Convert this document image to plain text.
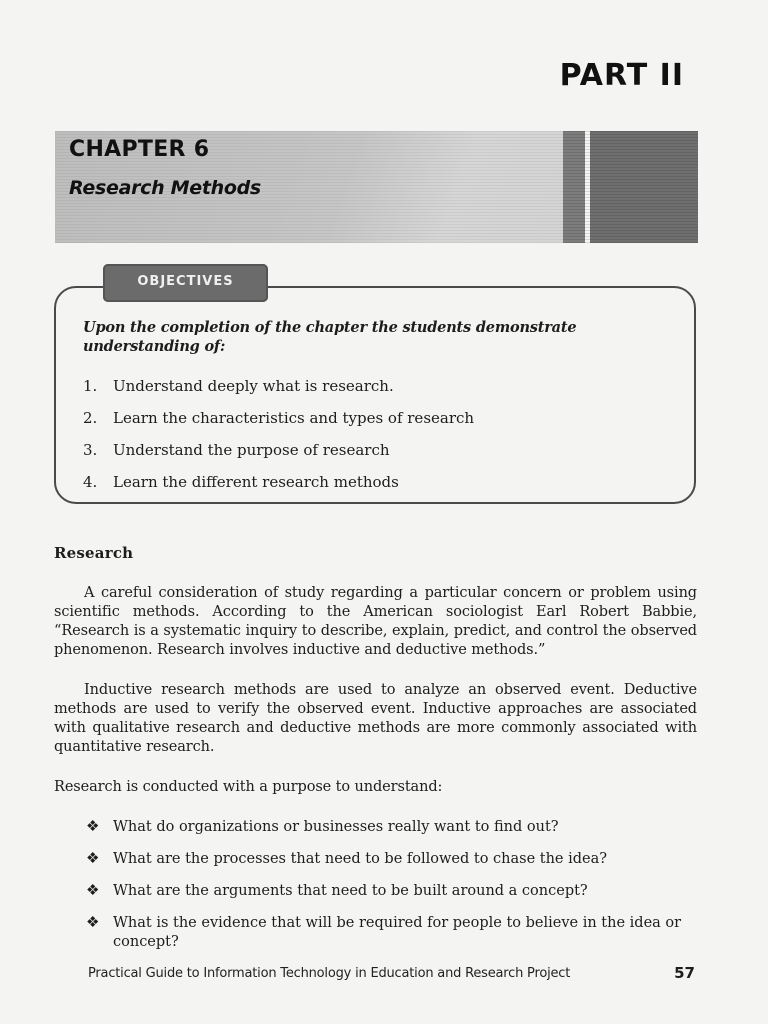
PART II
CHAPTER 6
Research Methods
OBJECTIVES
Upon the completion of the chapter the students demonstrate understanding of:
1. Understand deeply what is research.
2. Learn the characteristics and types of research
3. Understand the purpose of research
4. Learn the different research methods
Research

A careful consideration of study regarding a particular concern or problem using scientific methods. According to the American sociologist Earl Robert Babbie, “Research is a systematic inquiry to describe, explain, predict, and control the observed phenomenon. Research involves inductive and deductive methods.”

Inductive research methods are used to analyze an observed event. Deductive methods are used to verify the observed event. Inductive approaches are associated with qualitative research and deductive methods are more commonly associated with quantitative research.

Research is conducted with a purpose to understand:

❖ What do organizations or businesses really want to find out?
❖ What are the processes that need to be followed to chase the idea?
❖ What are the arguments that need to be built around a concept?
❖ What is the evidence that will be required for people to believe in the idea or concept?
Practical Guide to Information Technology in Education and Research Project	57
